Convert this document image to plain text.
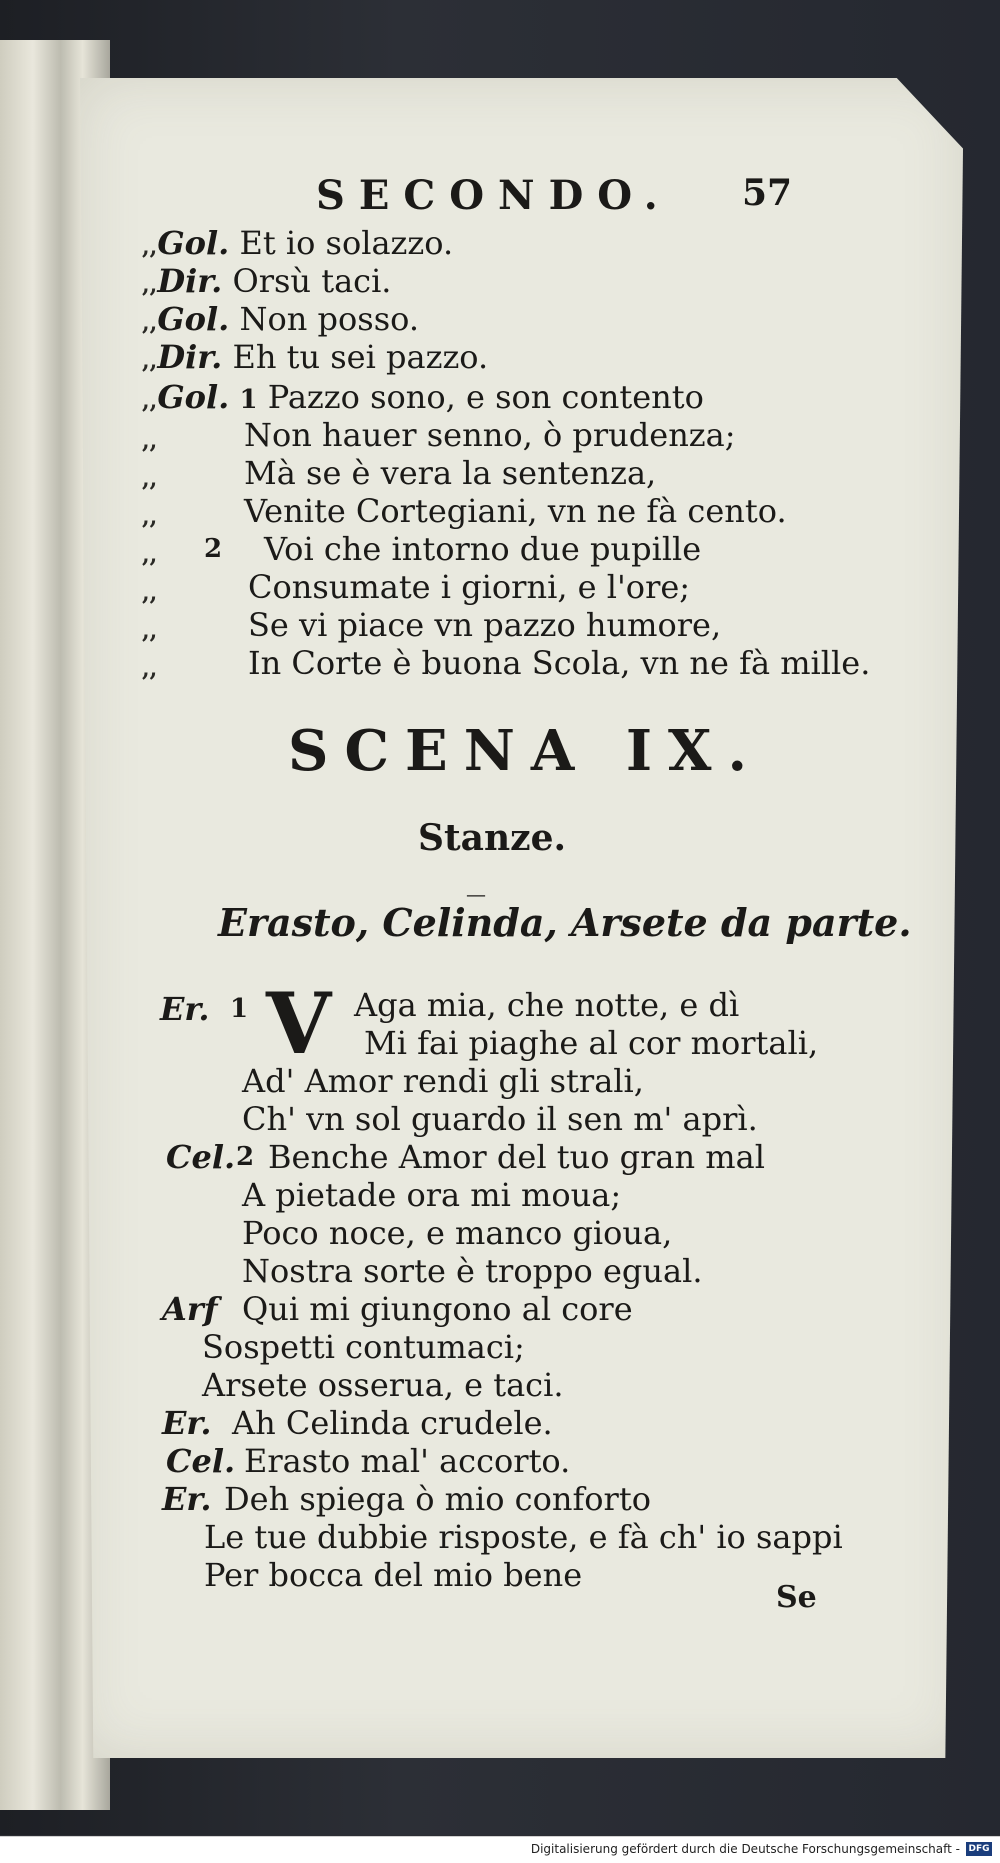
SECONDO. 57
,,Gol. Et io solazzo.
,,Dir. Orsù taci.
,,Gol. Non posso.
,,Dir. Eh tu sei pazzo.
,,Gol. 1 Pazzo sono, e son contento
,,	Non hauer senno, ò prudenza;
,,	Mà se è vera la sentenza,
,,	Venite Cortegiani, vn ne fà cento.
,, 2 Voi che intorno due pupille
,,	Consumate i giorni, e l'ore;
,,	Se vi piace vn pazzo humore,
,,	In Corte è buona Scola, vn ne fà mille.
SCENA IX.
Stanze.
—
Erasto, Celinda, Arsete da parte.
V
Er. 1	Aga mia, che notte, e dì
Mi fai piaghe al cor mortali,
Ad' Amor rendi gli strali,
Ch' vn sol guardo il sen m' aprì.
Cel. 2 Benche Amor del tuo gran mal
A pietade ora mi moua;
Poco noce, e manco gioua,
Nostra sorte è troppo egual.
Arf Qui mi giungono al core
Sospetti contumaci;
Arsete osserua, e taci.
Er. Ah Celinda crudele.
Cel. Erasto mal' accorto.
Er. Deh spiega ò mio conforto
Le tue dubbie risposte, e fà ch' io sappi
Per bocca del mio bene
Se
Digitalisierung gefördert durch die Deutsche Forschungsgemeinschaft - DFG
